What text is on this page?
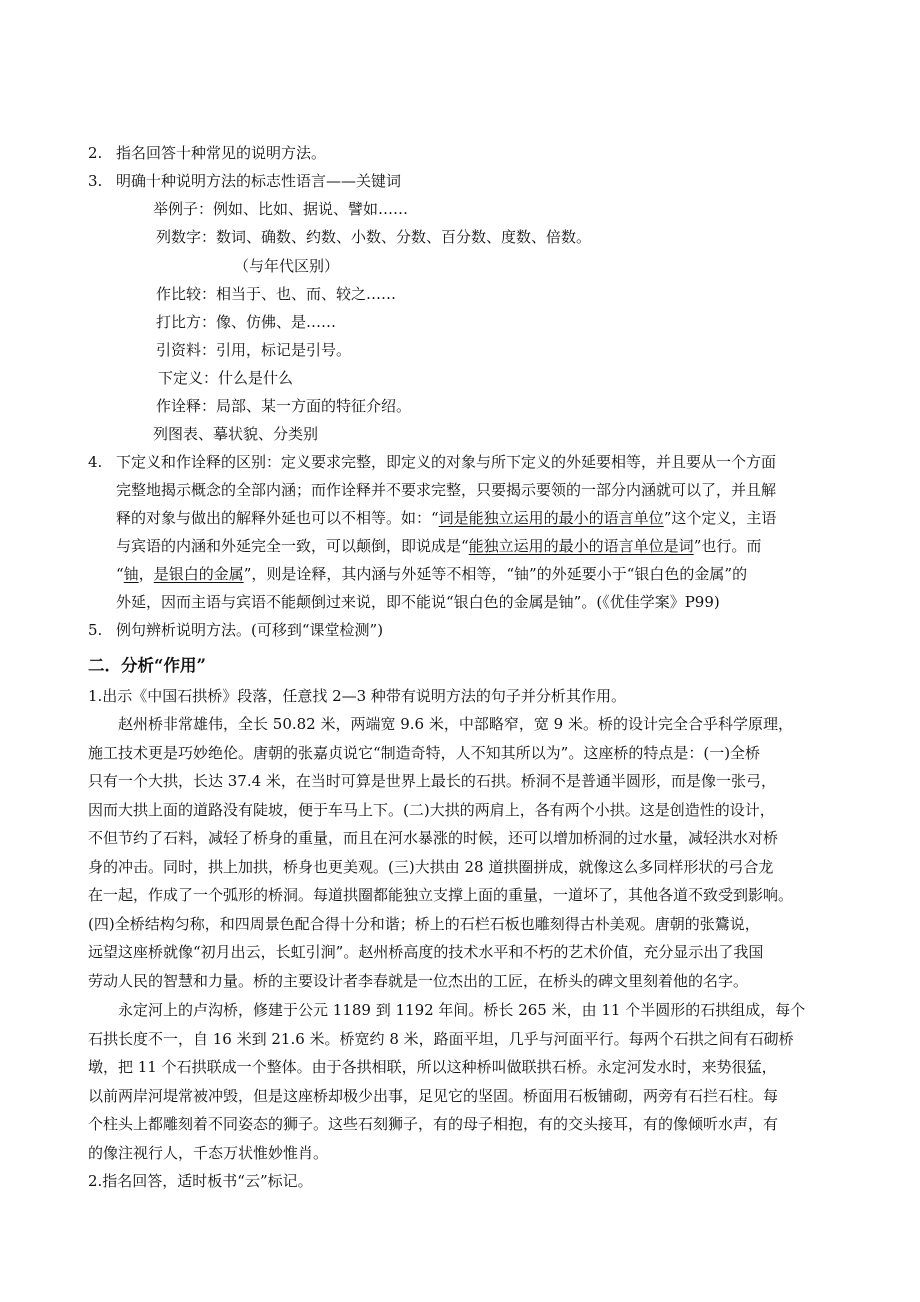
2. 指名回答十种常见的说明方法。
3. 明确十种说明方法的标志性语言——关键词
举例子：例如、比如、据说、譬如……
列数字：数词、确数、约数、小数、分数、百分数、度数、倍数。
（与年代区别）
作比较：相当于、也、而、较之……
打比方：像、仿佛、是……
引资料：引用，标记是引号。
下定义：什么是什么
作诠释：局部、某一方面的特征介绍。
列图表、摹状貌、分类别
4. 下定义和作诠释的区别：定义要求完整，即定义的对象与所下定义的外延要相等，并且要从一个方面
完整地揭示概念的全部内涵；而作诠释并不要求完整，只要揭示要领的一部分内涵就可以了，并且解
释的对象与做出的解释外延也可以不相等。如：“词是能独立运用的最小的语言单位”这个定义，主语
与宾语的内涵和外延完全一致，可以颠倒，即说成是“能独立运用的最小的语言单位是词”也行。而
“铀，是银白的金属”，则是诠释，其内涵与外延等不相等，“铀”的外延要小于“银白色的金属”的
外延，因而主语与宾语不能颠倒过来说，即不能说“银白色的金属是铀”。(《优佳学案》P99)
5. 例句辨析说明方法。(可移到“课堂检测”)
二．分析“作用”
1.出示《中国石拱桥》段落，任意找 2—3 种带有说明方法的句子并分析其作用。
赵州桥非常雄伟，全长 50.82 米，两端宽 9.6 米，中部略窄，宽 9 米。桥的设计完全合乎科学原理，
施工技术更是巧妙绝伦。唐朝的张嘉贞说它“制造奇特，人不知其所以为”。这座桥的特点是：(一)全桥
只有一个大拱，长达 37.4 米，在当时可算是世界上最长的石拱。桥洞不是普通半圆形，而是像一张弓，
因而大拱上面的道路没有陡坡，便于车马上下。(二)大拱的两肩上，各有两个小拱。这是创造性的设计，
不但节约了石料，减轻了桥身的重量，而且在河水暴涨的时候，还可以增加桥洞的过水量，减轻洪水对桥
身的冲击。同时，拱上加拱，桥身也更美观。(三)大拱由 28 道拱圈拼成，就像这么多同样形状的弓合龙
在一起，作成了一个弧形的桥洞。每道拱圈都能独立支撑上面的重量，一道坏了，其他各道不致受到影响。
(四)全桥结构匀称，和四周景色配合得十分和谐；桥上的石栏石板也雕刻得古朴美观。唐朝的张鷟说，
远望这座桥就像“初月出云，长虹引涧”。赵州桥高度的技术水平和不朽的艺术价值，充分显示出了我国
劳动人民的智慧和力量。桥的主要设计者李春就是一位杰出的工匠，在桥头的碑文里刻着他的名字。
永定河上的卢沟桥，修建于公元 1189 到 1192 年间。桥长 265 米，由 11 个半圆形的石拱组成，每个
石拱长度不一，自 16 米到 21.6 米。桥宽约 8 米，路面平坦，几乎与河面平行。每两个石拱之间有石砌桥
墩，把 11 个石拱联成一个整体。由于各拱相联，所以这种桥叫做联拱石桥。永定河发水时，来势很猛，
以前两岸河堤常被冲毁，但是这座桥却极少出事，足见它的坚固。桥面用石板铺砌，两旁有石拦石柱。每
个柱头上都雕刻着不同姿态的狮子。这些石刻狮子，有的母子相抱，有的交头接耳，有的像倾听水声，有
的像注视行人，千态万状惟妙惟肖。
2.指名回答，适时板书“云”标记。
